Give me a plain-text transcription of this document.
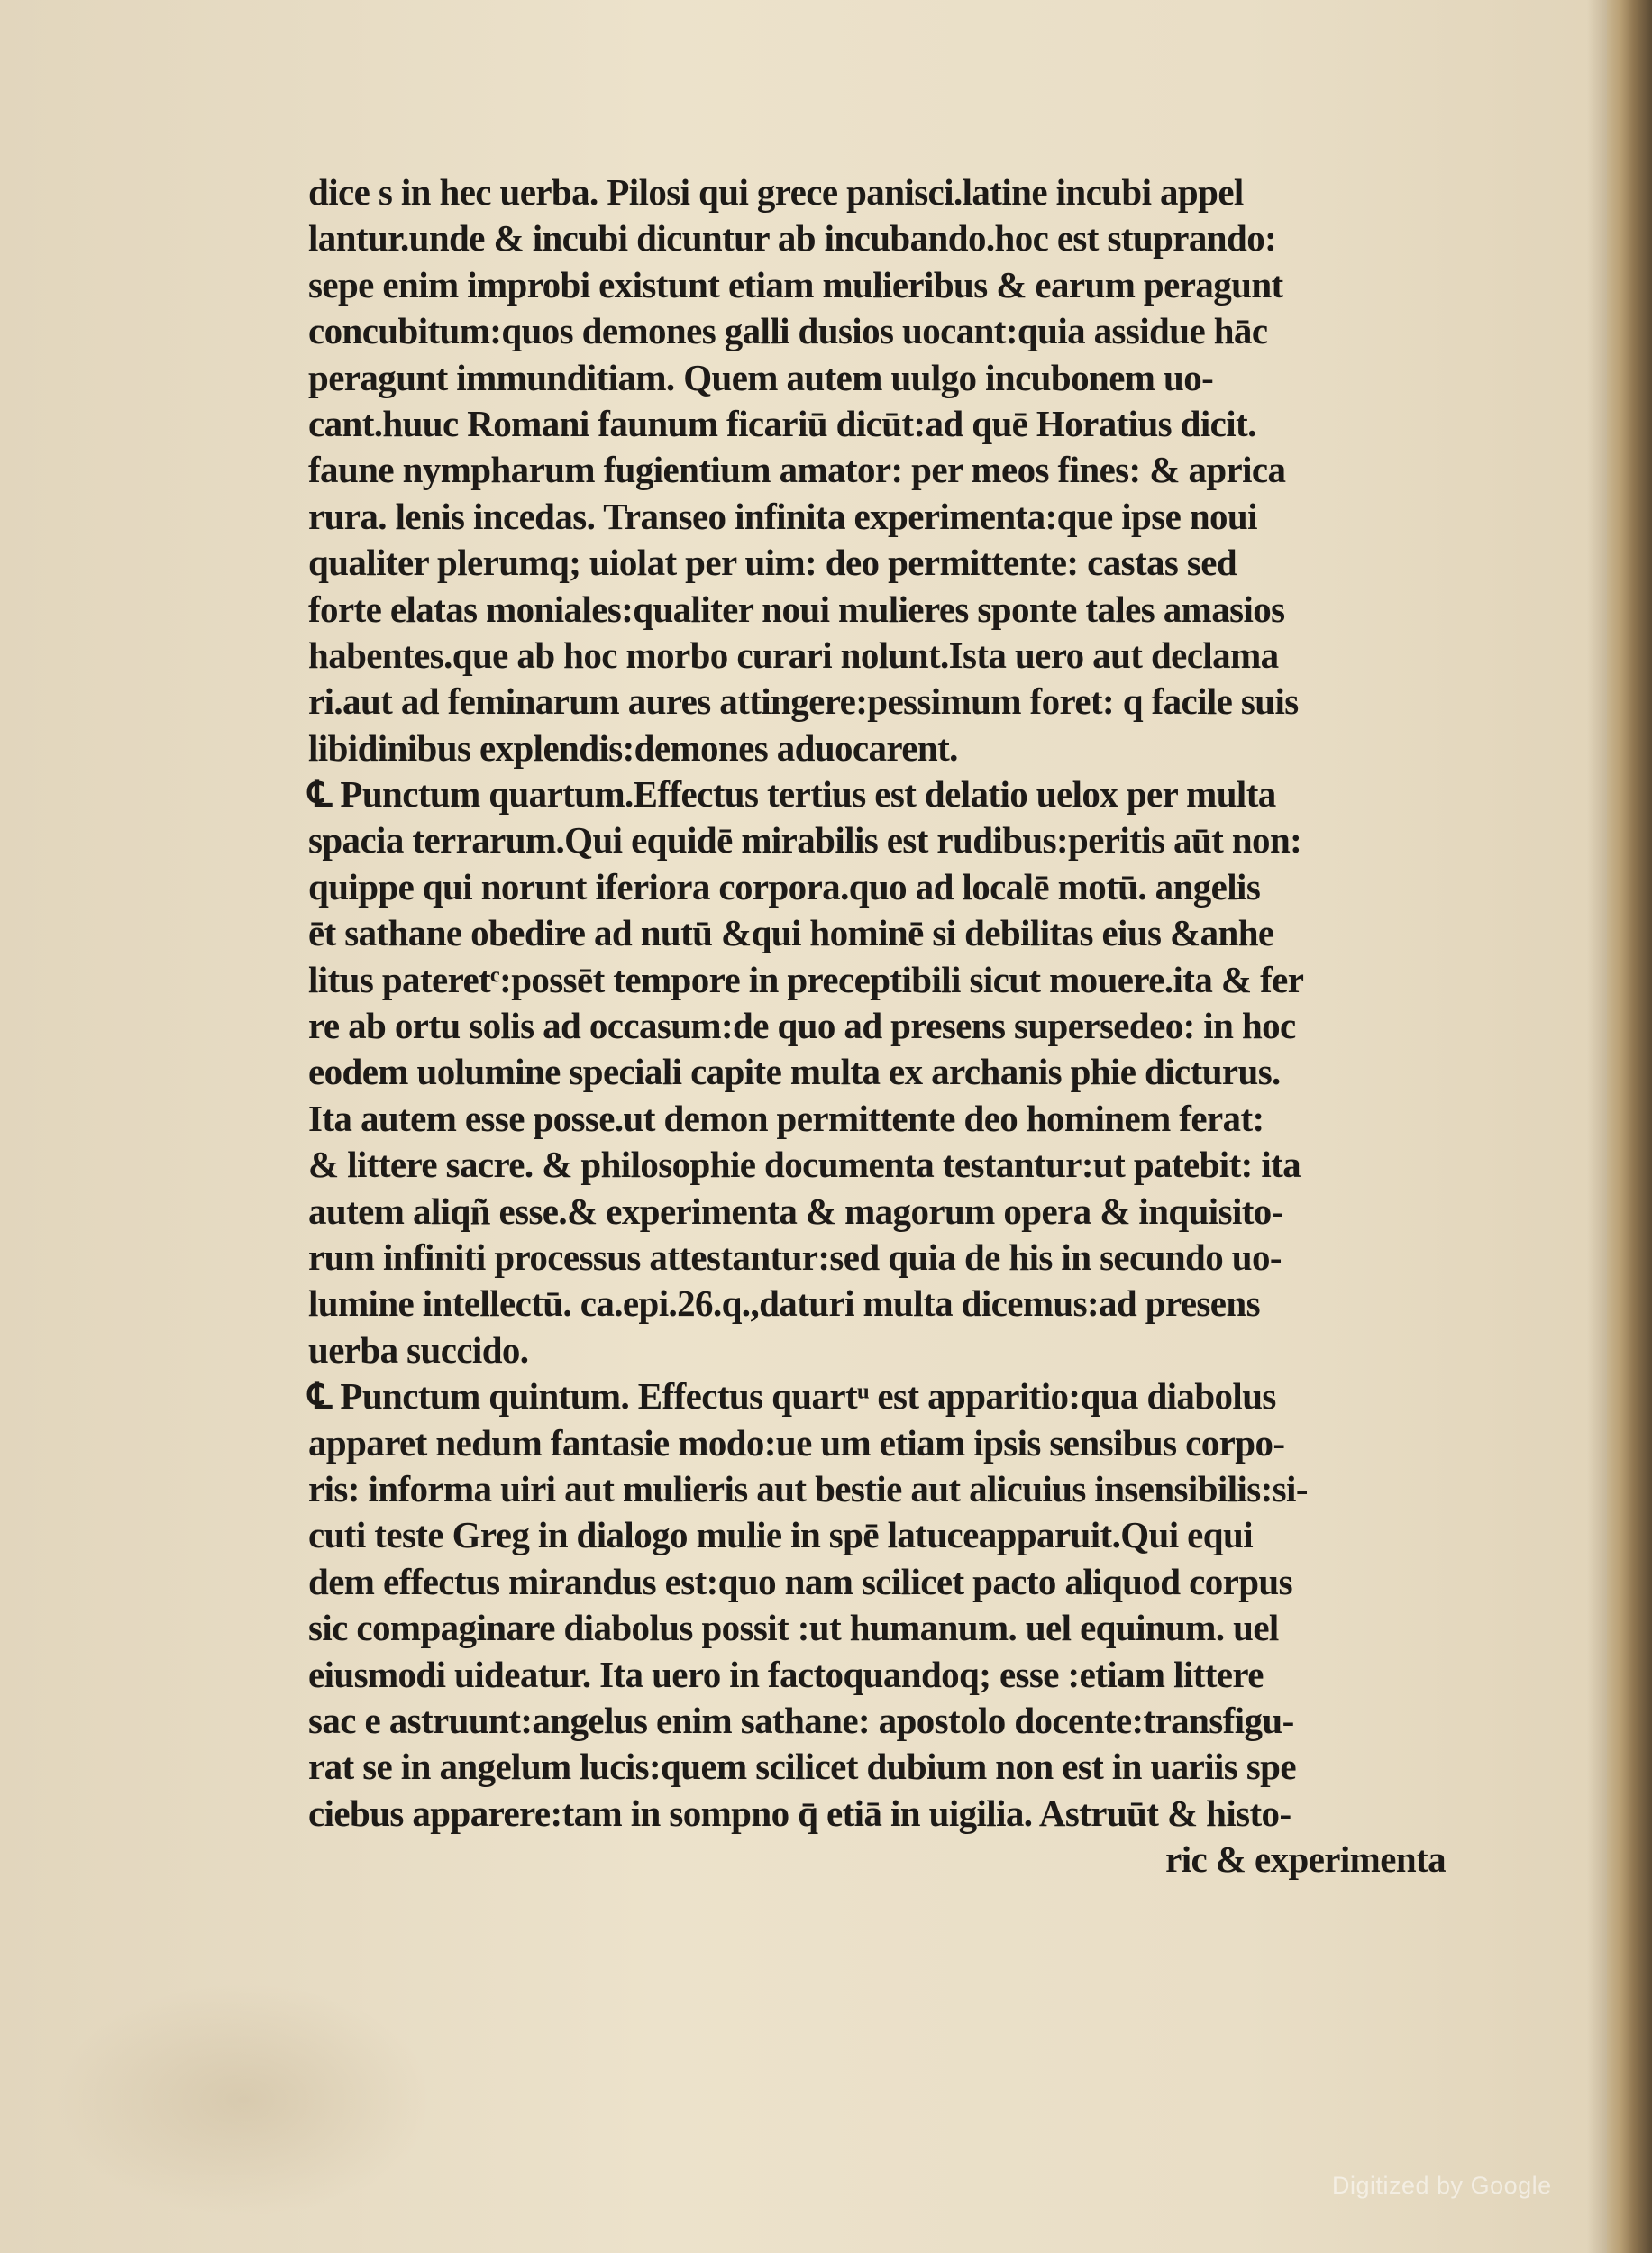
dice s in hec uerba. Pilosi qui grece panisci.latine incubi appel
lantur.unde & incubi dicuntur ab incubando.hoc est stuprando:
sepe enim improbi existunt etiam mulieribus & earum peragunt
concubitum:quos demones galli dusios uocant:quia assidue hāc
peragunt immunditiam. Quem autem uulgo incubonem uo-
cant.huuc Romani faunum ficariū dicūt:ad quē Horatius dicit.
faune nympharum fugientium amator: per meos fines: & aprica
rura. lenis incedas. Transeo infinita experimenta:que ipse noui
qualiter plerumq; uiolat per uim: deo permittente: castas sed
forte elatas moniales:qualiter noui mulieres sponte tales amasios
habentes.que ab hoc morbo curari nolunt.Ista uero aut declama
ri.aut ad feminarum aures attingere:pessimum foret: q facile suis
libidinibus explendis:demones aduocarent.
℄ Punctum quartum.Effectus tertius est delatio uelox per multa
spacia terrarum.Qui equidē mirabilis est rudibus:peritis aūt non:
quippe qui norunt iferiora corpora.quo ad localē motū. angelis
ēt sathane obedire ad nutū &qui hominē si debilitas eius &anhe
litus pateretᶜ:possēt tempore in preceptibili sicut mouere.ita & fer
re ab ortu solis ad occasum:de quo ad presens supersedeo: in hoc
eodem uolumine speciali capite multa ex archanis phie dicturus.
Ita autem esse posse.ut demon permittente deo hominem ferat:
& littere sacre. & philosophie documenta testantur:ut patebit: ita
autem aliqñ esse.& experimenta & magorum opera & inquisito-
rum infiniti processus attestantur:sed quia de his in secundo uo-
lumine intellectū. ca.epi.26.q.,daturi multa dicemus:ad presens
uerba succido.
℄ Punctum quintum. Effectus quartᵘ est apparitio:qua diabolus
apparet nedum fantasie modo:ue um etiam ipsis sensibus corpo-
ris: informa uiri aut mulieris aut bestie aut alicuius insensibilis:si-
cuti teste Greg in dialogo mulie in spē latuceapparuit.Qui equi
dem effectus mirandus est:quo nam scilicet pacto aliquod corpus
sic compaginare diabolus possit :ut humanum. uel equinum. uel
eiusmodi uideatur. Ita uero in factoquandoq; esse :etiam littere
sac e astruunt:angelus enim sathane: apostolo docente:transfigu-
rat se in angelum lucis:quem scilicet dubium non est in uariis spe
ciebus apparere:tam in sompno q̄ etiā in uigilia. Astruūt & histo-
ric & experimenta
Digitized by Google
